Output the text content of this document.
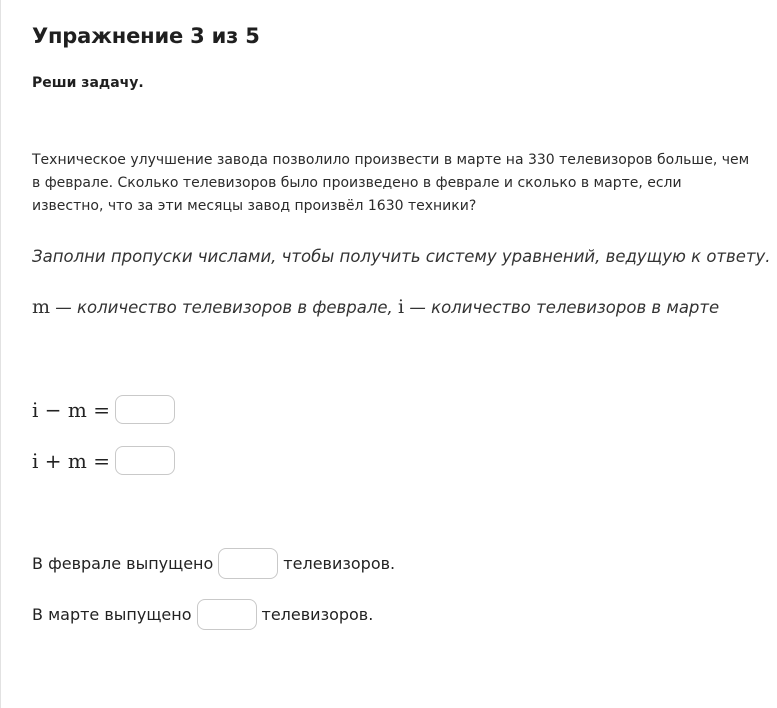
Упражнение 3 из 5
Реши задачу.
Техническое улучшение завода позволило произвести в марте на 330 телевизоров больше, чем в феврале. Сколько телевизоров было произведено в феврале и сколько в марте, если известно, что за эти месяцы завод произвёл 1630 техники?
Заполни пропуски числами, чтобы получить систему уравнений, ведущую к ответу.
m — количество телевизоров в феврале, i — количество телевизоров в марте
i − m =
i + m =
В феврале выпущено	телевизоров.
В марте выпущено	телевизоров.
